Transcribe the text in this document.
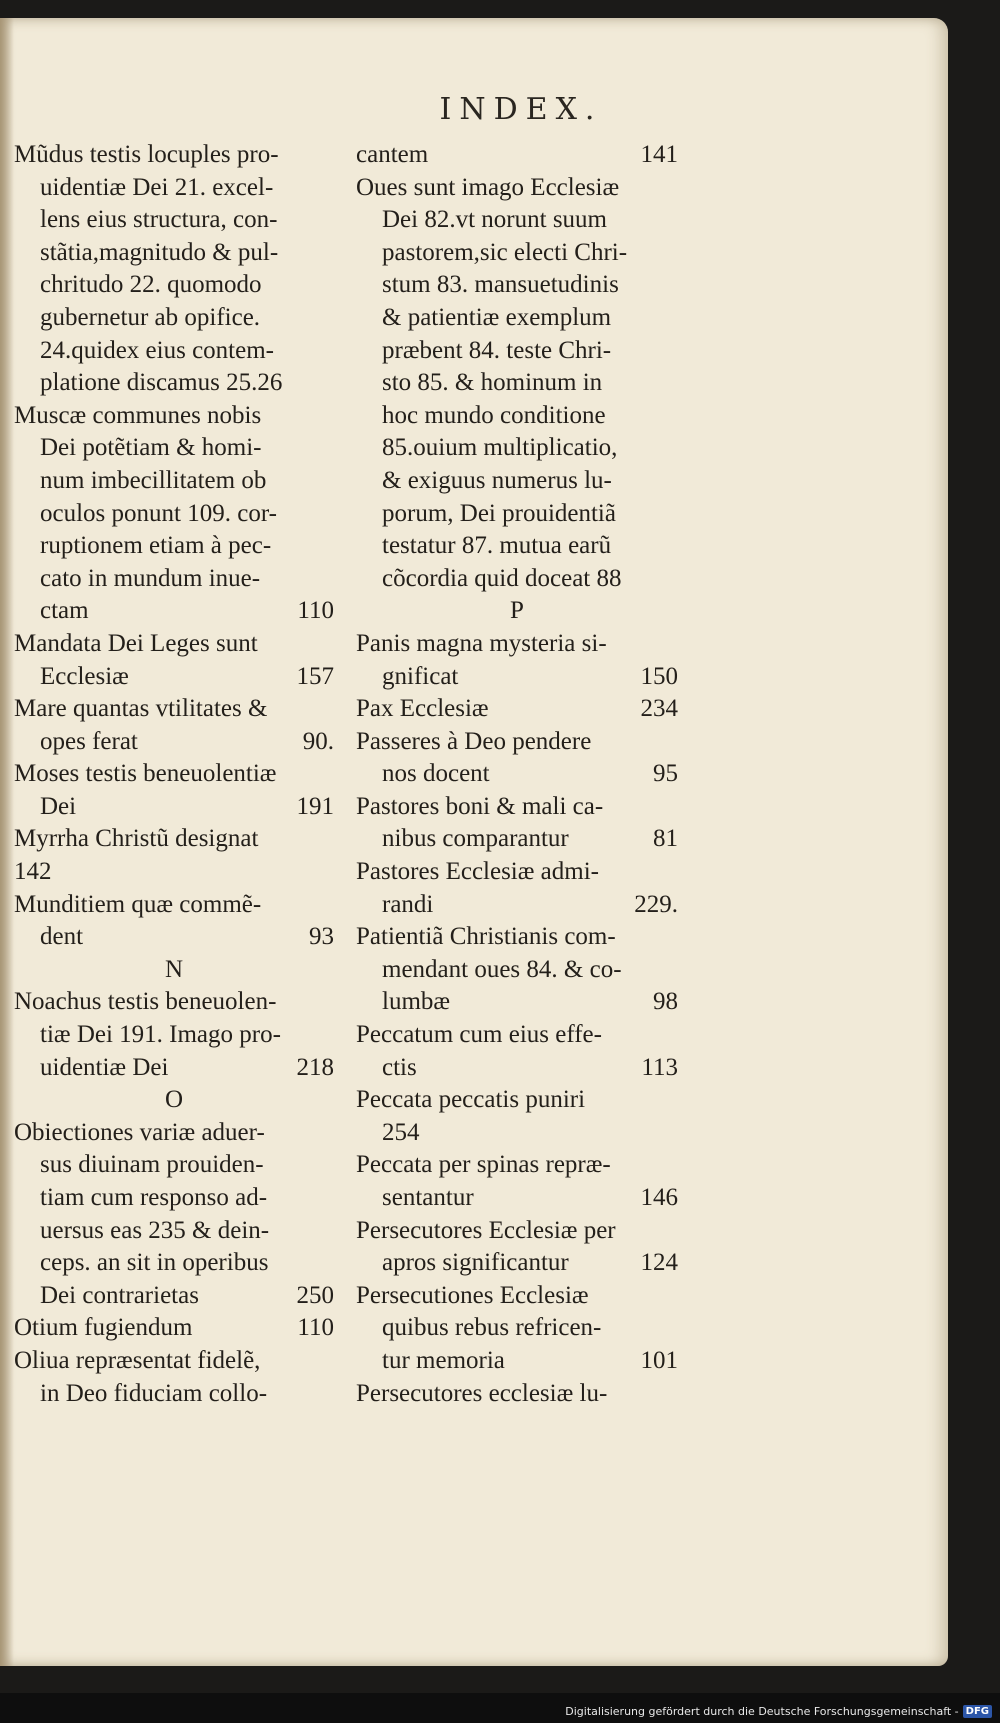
INDEX.
Mũdus testis locuples pro-
uidentiæ Dei 21. excel-
lens eius structura, con-
stãtia,magnitudo & pul-
chritudo 22. quomodo
gubernetur ab opifice.
24.quidex eius contem-
platione discamus 25.26
Muscæ communes nobis
Dei potẽtiam & homi-
num imbecillitatem ob
oculos ponunt 109. cor-
ruptionem etiam à pec-
cato in mundum inue-
ctam	110
Mandata Dei Leges sunt
Ecclesiæ	157
Mare quantas vtilitates &
opes ferat	90.
Moses testis beneuolentiæ
Dei	191
Myrrha Christũ designat
142
Munditiem quæ commẽ-
dent	93
N
Noachus testis beneuolen-
tiæ Dei 191. Imago pro-
uidentiæ Dei	218
O
Obiectiones variæ aduer-
sus diuinam prouiden-
tiam cum responso ad-
uersus eas 235 & dein-
ceps. an sit in operibus
Dei contrarietas	250
Otium fugiendum	110
Oliua repræsentat fidelẽ,
in Deo fiduciam collo-
cantem	141
Oues sunt imago Ecclesiæ
Dei 82.vt norunt suum
pastorem,sic electi Chri-
stum 83. mansuetudinis
& patientiæ exemplum
præbent 84. teste Chri-
sto 85. & hominum in
hoc mundo conditione
85.ouium multiplicatio,
& exiguus numerus lu-
porum, Dei prouidentiã
testatur 87. mutua earũ
cõcordia quid doceat 88
P
Panis magna mysteria si-
gnificat	150
Pax Ecclesiæ	234
Passeres à Deo pendere
nos docent	95
Pastores boni & mali ca-
nibus comparantur	81
Pastores Ecclesiæ admi-
randi	229.
Patientiã Christianis com-
mendant oues 84. & co-
lumbæ	98
Peccatum cum eius effe-
ctis	113
Peccata peccatis puniri
254
Peccata per spinas repræ-
sentantur	146
Persecutores Ecclesiæ per
apros significantur	124
Persecutiones Ecclesiæ
quibus rebus refricen-
tur memoria	101
Persecutores ecclesiæ lu-
Digitalisierung gefördert durch die Deutsche Forschungsgemeinschaft - DFG
